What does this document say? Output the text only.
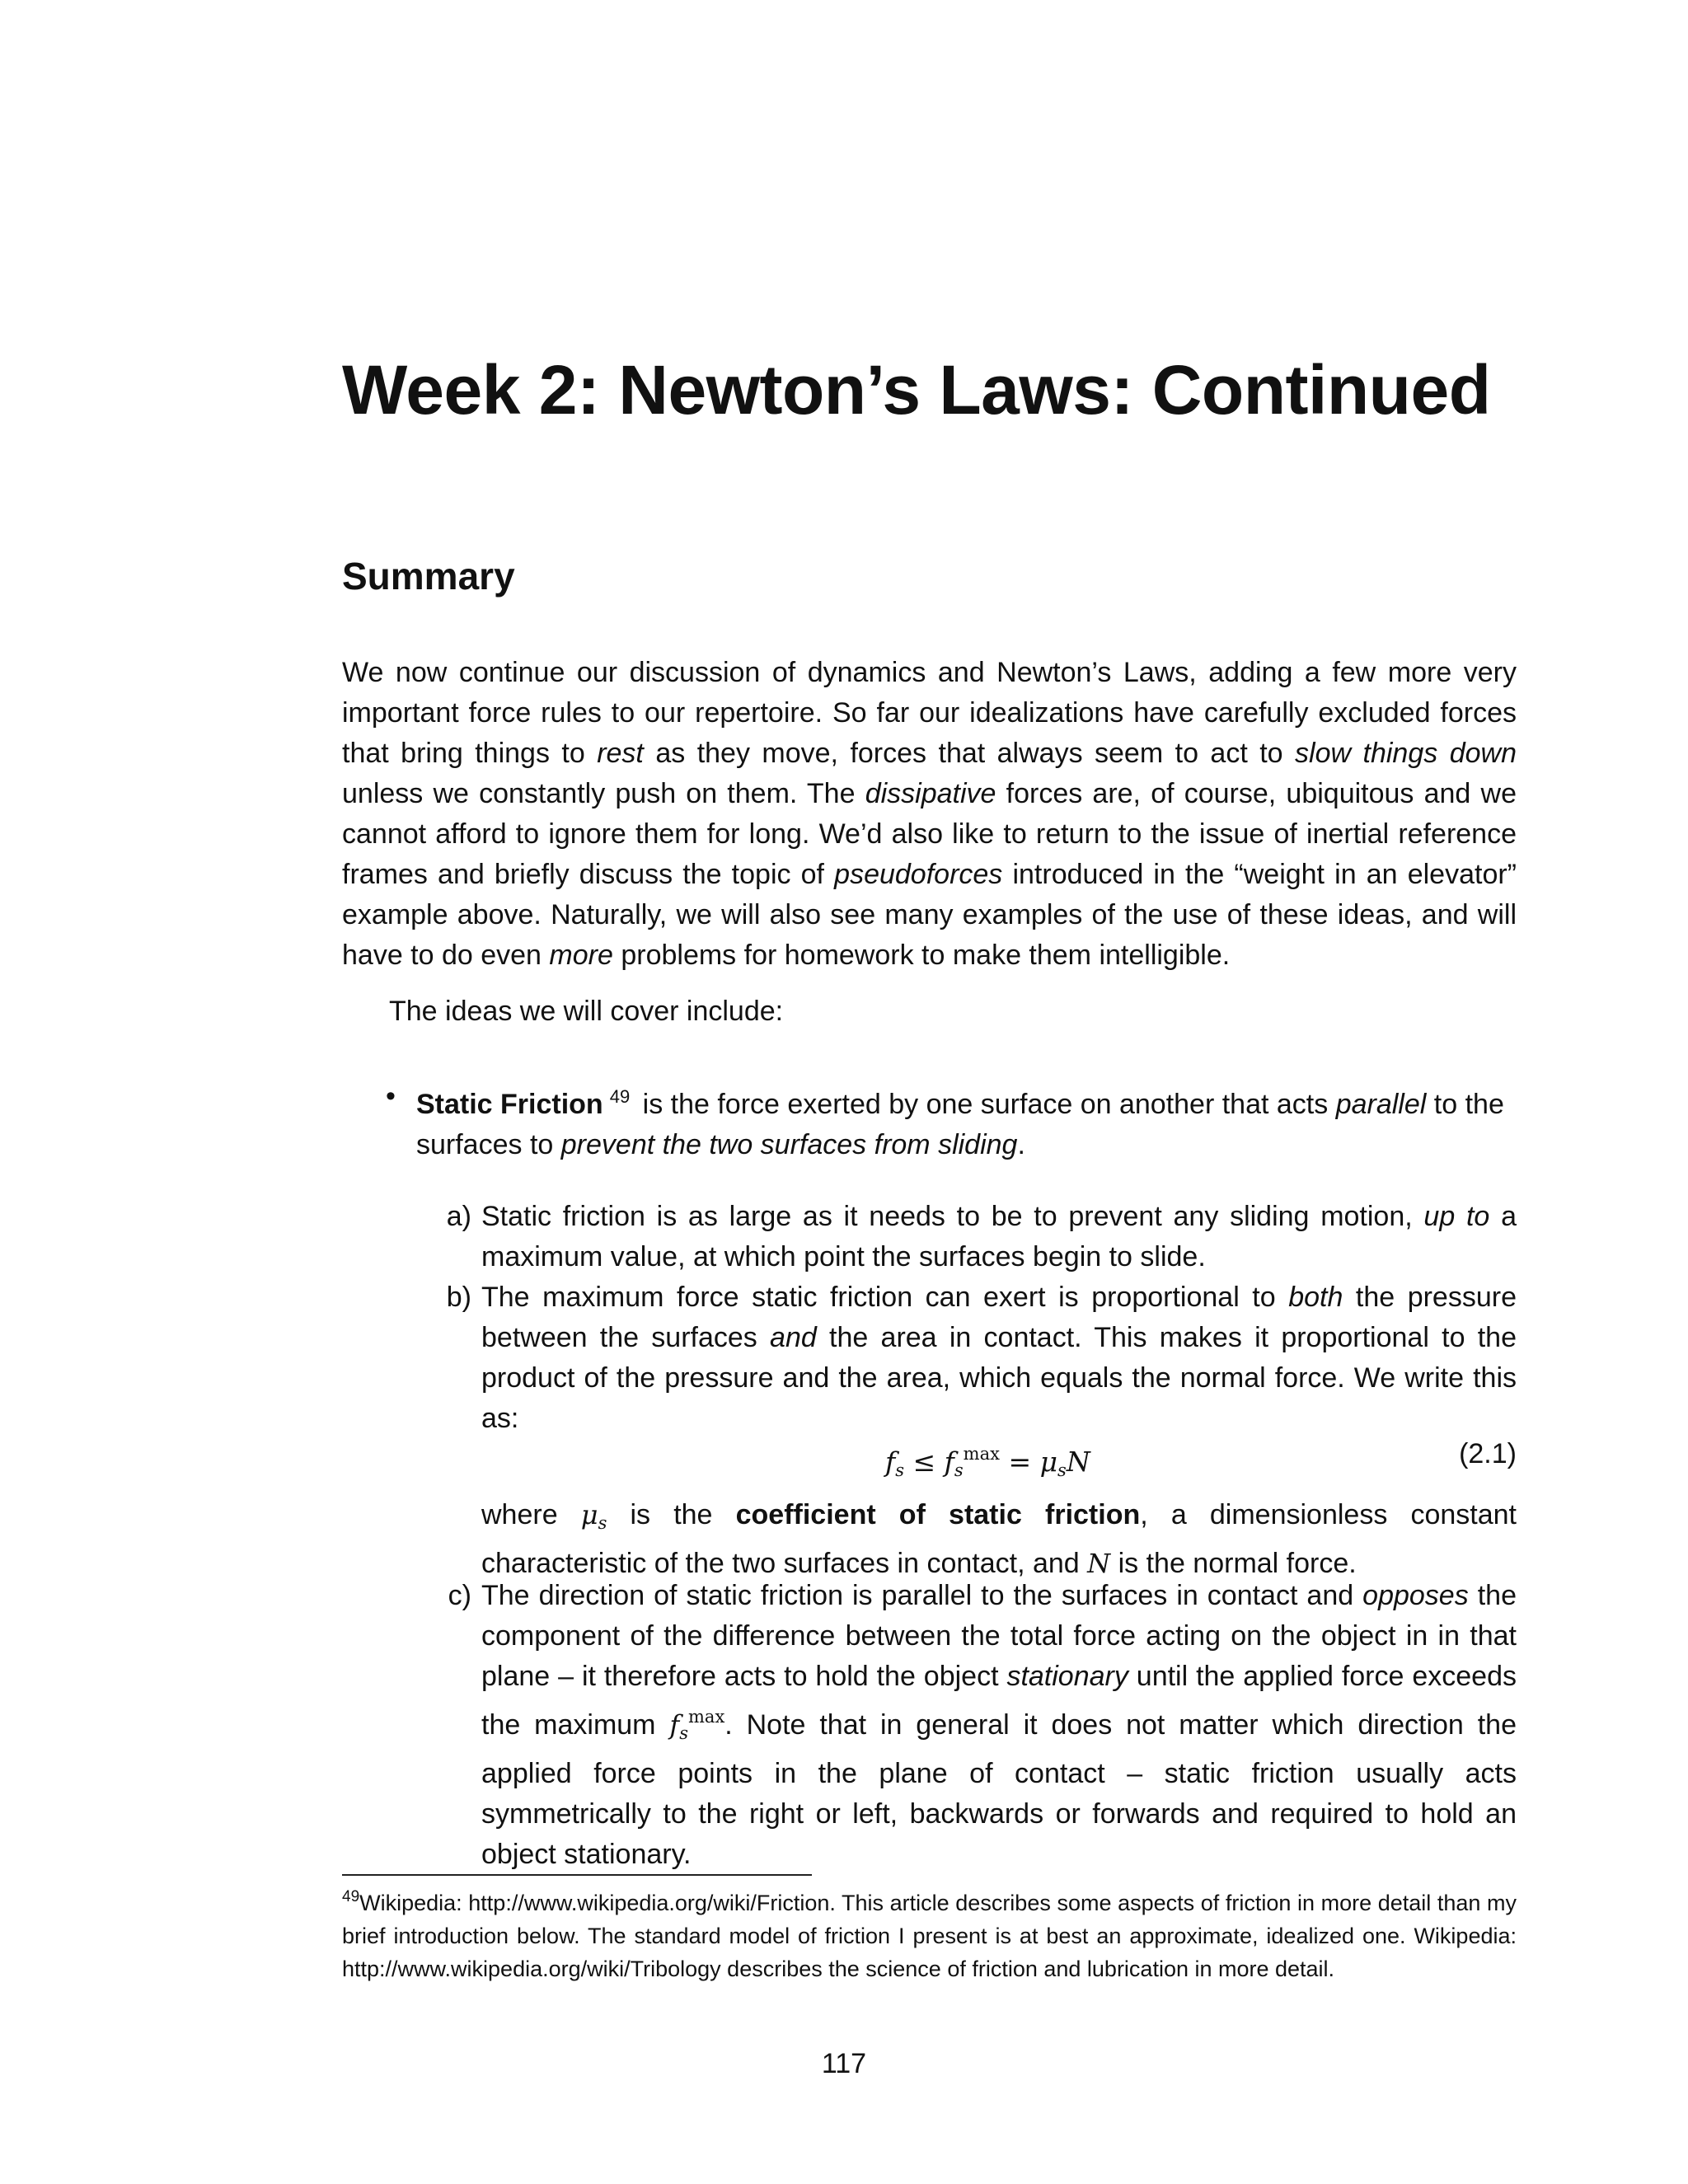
Week 2: Newton’s Laws: Continued
Summary

We now continue our discussion of dynamics and Newton’s Laws, adding a few more very important force rules to our repertoire. So far our idealizations have carefully excluded forces that bring things to rest as they move, forces that always seem to act to slow things down unless we constantly push on them. The dissipative forces are, of course, ubiquitous and we cannot afford to ignore them for long. We’d also like to return to the issue of inertial reference frames and briefly discuss the topic of pseudoforces introduced in the “weight in an elevator” example above. Naturally, we will also see many examples of the use of these ideas, and will have to do even more problems for homework to make them intelligible.

The ideas we will cover include:

• Static Friction $^{49}$ is the force exerted by one surface on another that acts parallel to the surfaces to prevent the two surfaces from sliding.

a) Static friction is as large as it needs to be to prevent any sliding motion, up to a maximum value, at which point the surfaces begin to slide.

b) The maximum force static friction can exert is proportional to both the pressure between the surfaces and the area in contact. This makes it proportional to the product of the pressure and the area, which equals the normal force. We write this as:

$f_s \le f_s^{max} = \mu_sN$	(2.1)

where $\mu_s$ is the coefficient of static friction, a dimensionless constant characteristic of the two surfaces in contact, and N is the normal force.

c) The direction of static friction is parallel to the surfaces in contact and opposes the component of the difference between the total force acting on the object in in that plane – it therefore acts to hold the object stationary until the applied force exceeds the maximum $f_s^{max}$. Note that in general it does not matter which direction the applied force points in the plane of contact – static friction usually acts symmetrically to the right or left, backwards or forwards and required to hold an object stationary.

$^{49}$Wikipedia: http://www.wikipedia.org/wiki/Friction. This article describes some aspects of friction in more detail than my brief introduction below. The standard model of friction I present is at best an approximate, idealized one. Wikipedia: http://www.wikipedia.org/wiki/Tribology describes the science of friction and lubrication in more detail.

117
